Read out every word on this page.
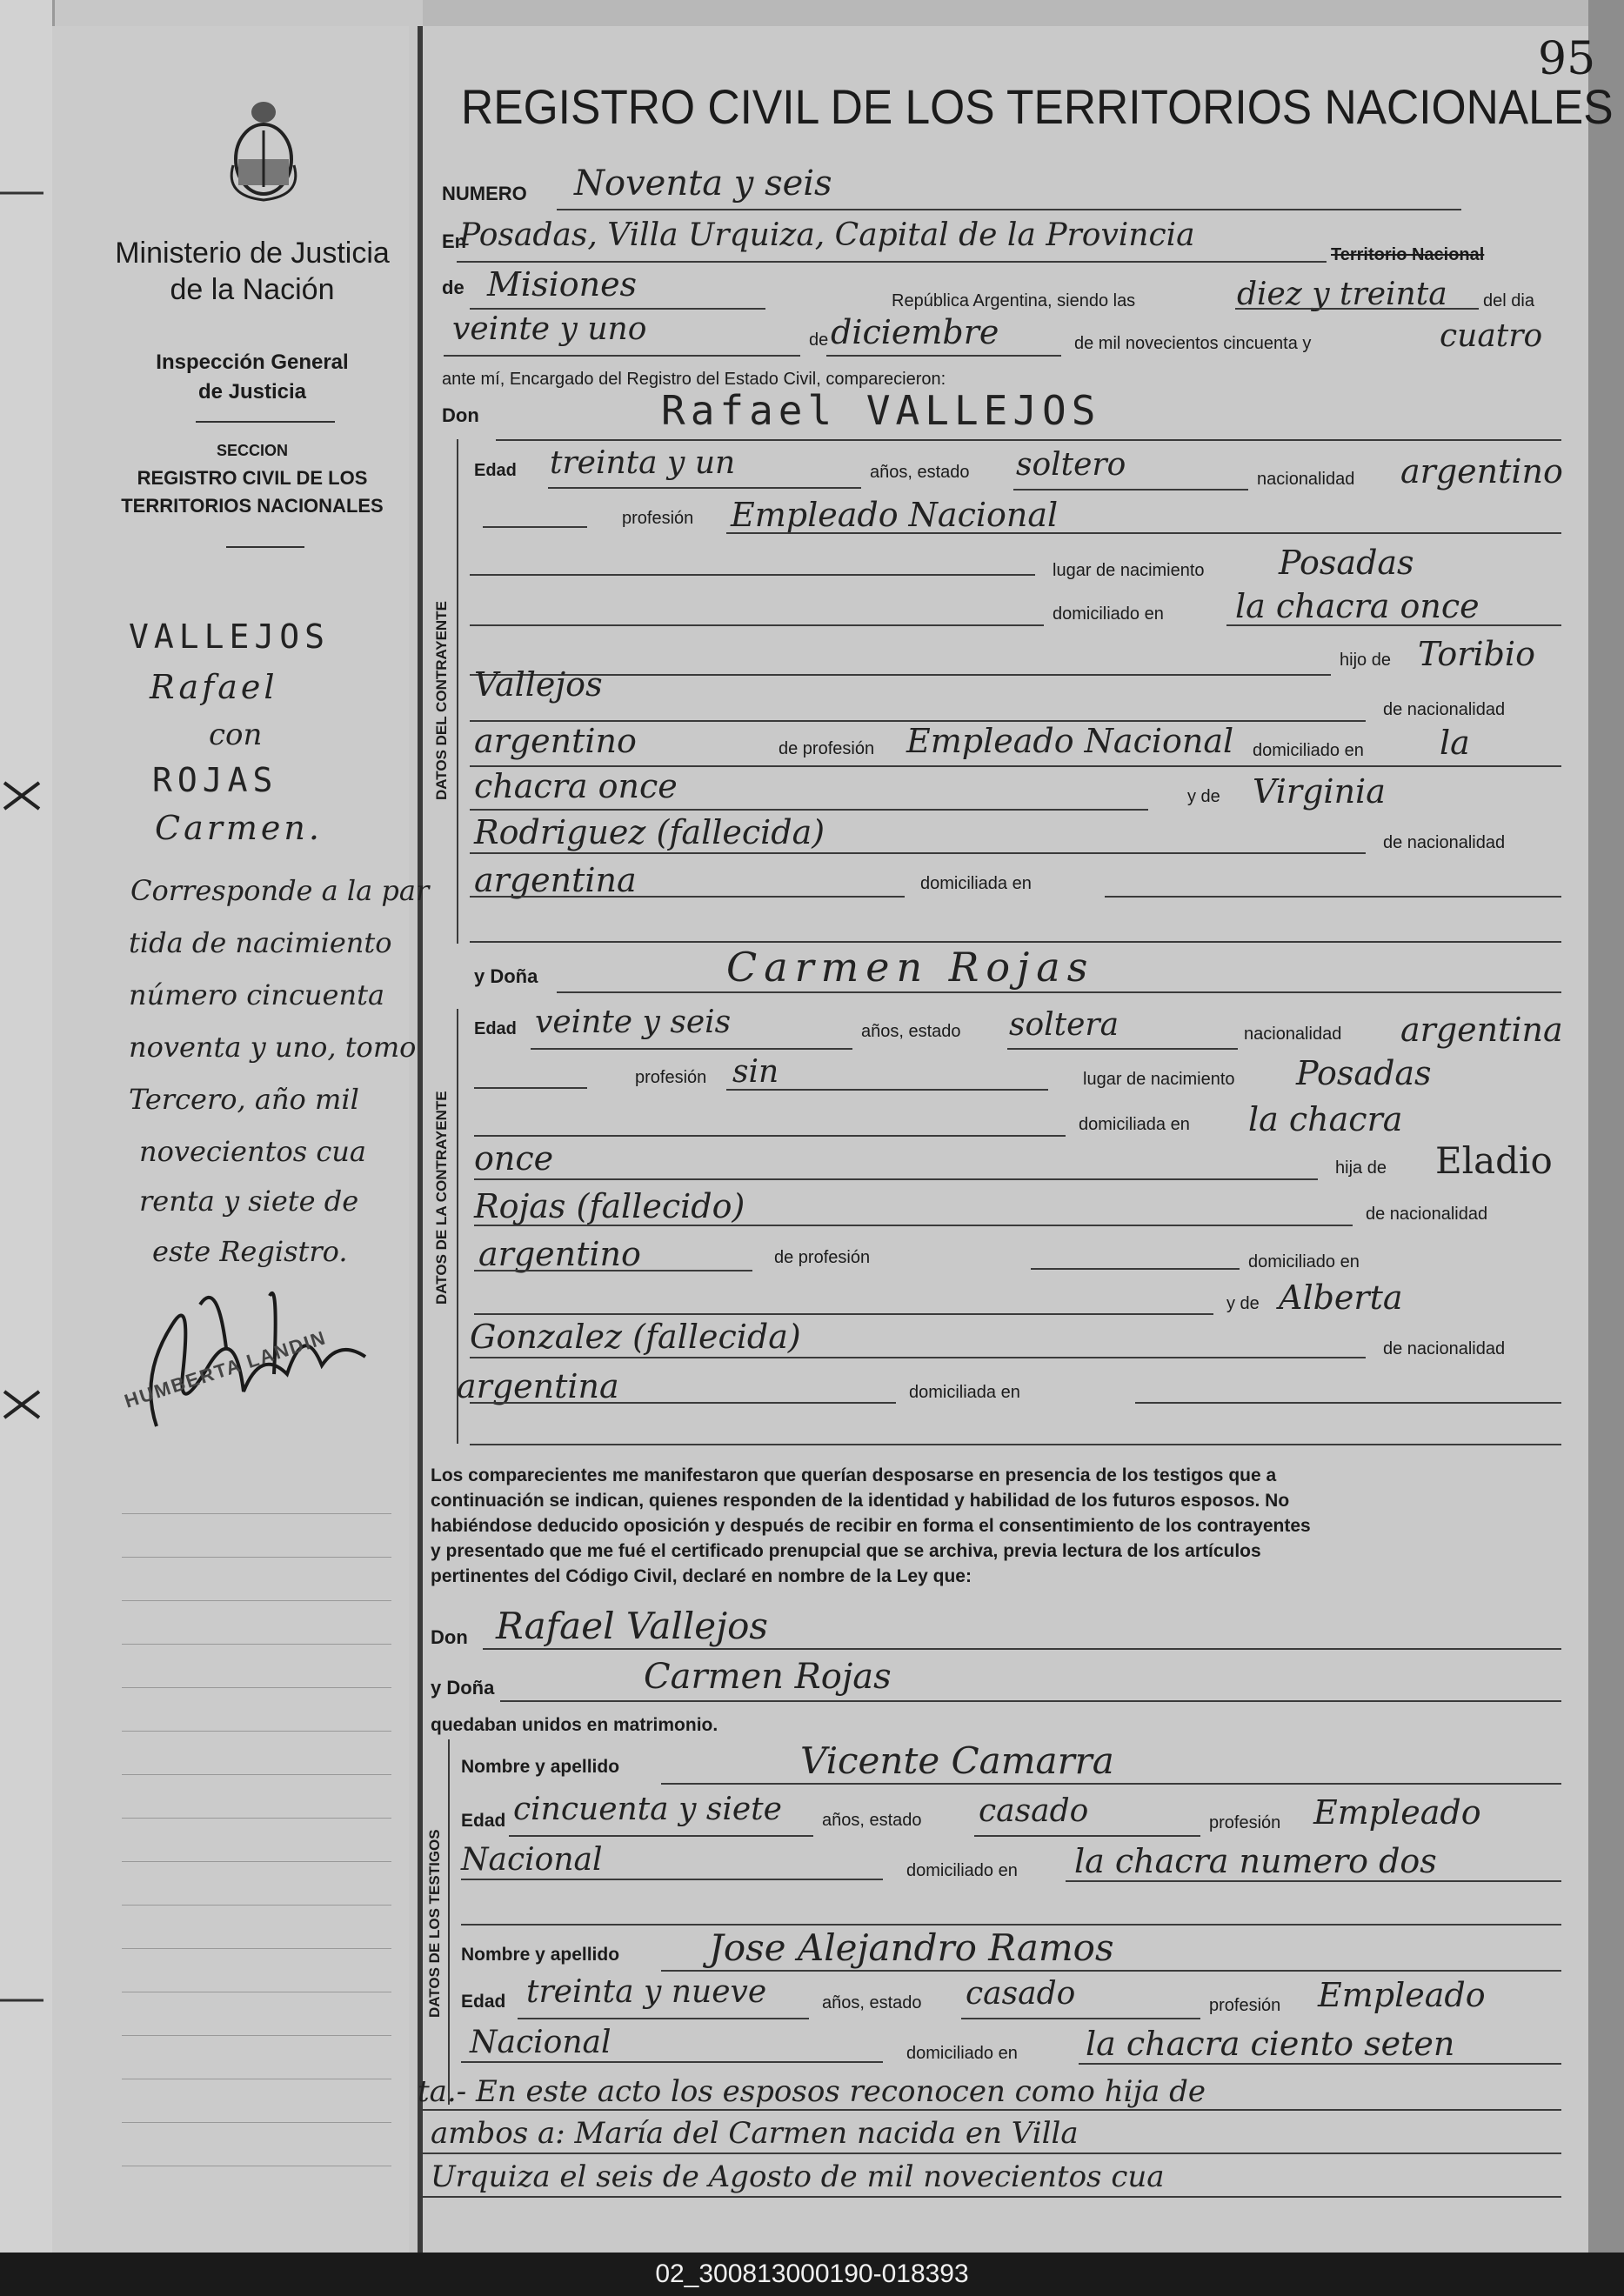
Ministerio de Justicia
de la Nación
Inspección General
de Justicia
SECCION
REGISTRO CIVIL DE LOS
TERRITORIOS NACIONALES
VALLEJOS
Rafael
con
ROJAS
Carmen.
Corresponde a la par
tida de nacimiento
número cincuenta
noventa y uno, tomo
Tercero, año mil
novecientos cua
renta y siete de
este Registro.
HUMBERTA LANDIN
95
REGISTRO CIVIL DE LOS TERRITORIOS NACIONALES
NUMERO Noventa y seis
En
Posadas, Villa Urquiza, Capital de la Provincia
Territorio Nacional
de Misiones	República Argentina, siendo las	diez y treinta del dia
veinte y uno	de diciembre	de mil novecientos cincuenta y	cuatro
ante mí, Encargado del Registro del Estado Civil, comparecieron:
Don	Rafael VALLEJOS
DATOS DEL CONTRAYENTE
Edad treinta y un	años, estado soltero	nacionalidad argentino
profesión Empleado Nacional
lugar de nacimiento Posadas
domiciliado en la chacra once
hijo de Toribio
Vallejos
de nacionalidad
argentino	de profesión Empleado Nacional domiciliado en la
chacra once	y de Virginia
Rodriguez (fallecida)	de nacionalidad
argentina	domiciliada en
y Doña	Carmen Rojas
DATOS DE LA CONTRAYENTE
Edad veinte y seis	años, estado soltera	nacionalidad argentina
profesión sin	lugar de nacimiento Posadas
domiciliada en la chacra
once	hija de Eladio
Rojas (fallecido)	de nacionalidad
argentino	de profesión	domiciliado en
y de Alberta
Gonzalez (fallecida)	de nacionalidad
argentina	domiciliada en
Los comparecientes me manifestaron que querían desposarse en presencia de los testigos que a
continuación se indican, quienes responden de la identidad y habilidad de los futuros esposos. No
habiéndose deducido oposición y después de recibir en forma el consentimiento de los contrayentes
y presentado que me fué el certificado prenupcial que se archiva, previa lectura de los artículos
pertinentes del Código Civil, declaré en nombre de la Ley que:
Don Rafael Vallejos
y Doña	Carmen Rojas
quedaban unidos en matrimonio.
DATOS DE LOS TESTIGOS
Nombre y apellido	Vicente Camarra
Edad cincuenta y siete años, estado casado	profesión Empleado
Nacional	domiciliado en la chacra numero dos
Nombre y apellido Jose Alejandro Ramos
Edad treinta y nueve	años, estado casado	profesión Empleado
Nacional	domiciliado en la chacra ciento seten
ta.- En este acto los esposos reconocen como hija de
ambos a: María del Carmen nacida en Villa
Urquiza el seis de Agosto de mil novecientos cua
02_300813000190-018393
